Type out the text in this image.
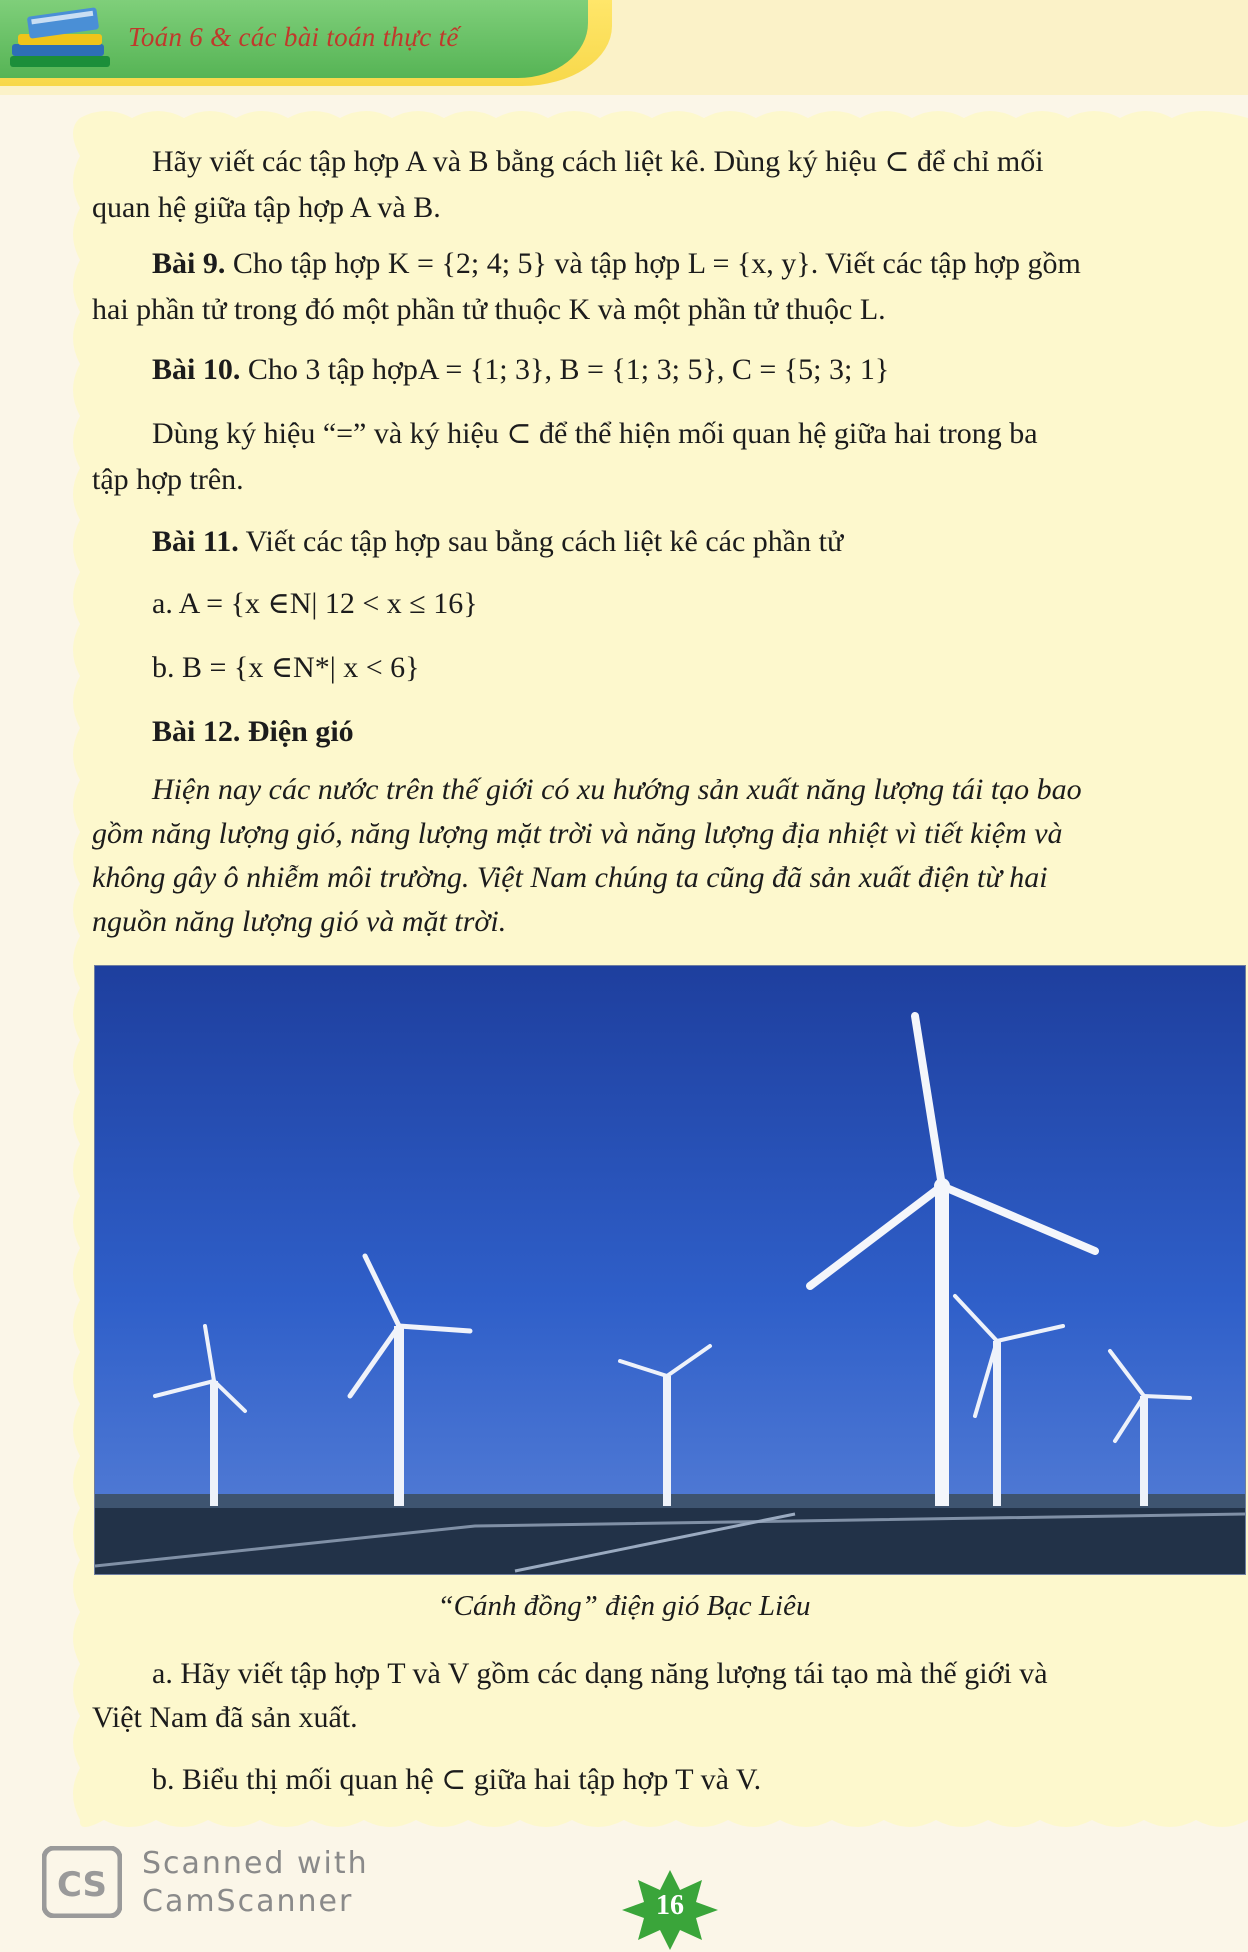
Toán 6 & các bài toán thực tế

Hãy viết các tập hợp A và B bằng cách liệt kê. Dùng ký hiệu ⊂ để chỉ mối

quan hệ giữa tập hợp A và B.

Bài 9. Cho tập hợp K = {2; 4; 5} và tập hợp L = {x, y}. Viết các tập hợp gồm

hai phần tử trong đó một phần tử thuộc K và một phần tử thuộc L.

Bài 10. Cho 3 tập hợpA = {1; 3}, B = {1; 3; 5}, C = {5; 3; 1}

Dùng ký hiệu “=” và ký hiệu ⊂ để thể hiện mối quan hệ giữa hai trong ba

tập hợp trên.

Bài 11. Viết các tập hợp sau bằng cách liệt kê các phần tử

a. A = {x ∈N| 12 < x ≤ 16}

b. B = {x ∈N*| x < 6}

Bài 12. Điện gió

Hiện nay các nước trên thế giới có xu hướng sản xuất năng lượng tái tạo bao

gồm năng lượng gió, năng lượng mặt trời và năng lượng địa nhiệt vì tiết kiệm và

không gây ô nhiễm môi trường. Việt Nam chúng ta cũng đã sản xuất điện từ hai

nguồn năng lượng gió và mặt trời.

a. Hãy viết tập hợp T và V gồm các dạng năng lượng tái tạo mà thế giới và

Việt Nam đã sản xuất.

b. Biểu thị mối quan hệ ⊂ giữa hai tập hợp T và V.

“Cánh đồng” điện gió Bạc Liêu
CS
Scanned with
CamScanner	16
